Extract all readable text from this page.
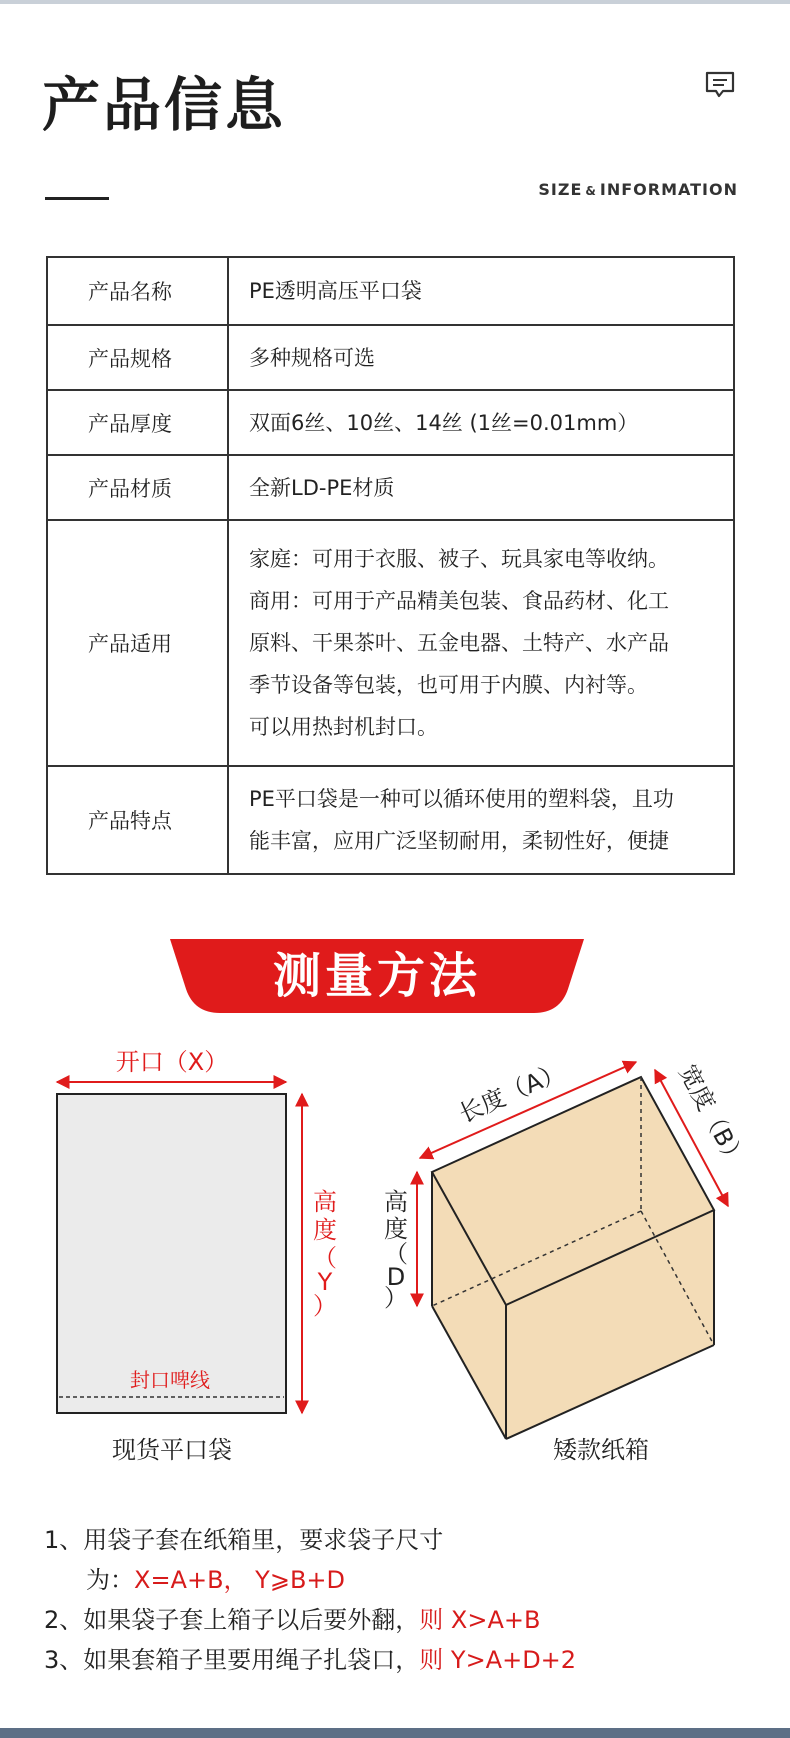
产品信息
SIZE & INFORMATION
产品名称	PE透明高压平口袋
产品规格	多种规格可选
产品厚度	双面6丝、10丝、14丝 (1丝=0.01mm）
产品材质	全新LD-PE材质
产品适用	家庭：可用于衣服、被子、玩具家电等收纳。
商用：可用于产品精美包装、食品药材、化工
原料、干果茶叶、五金电器、土特产、水产品
季节设备等包装，也可用于内膜、内衬等。
可以用热封机封口。

产品特点	PE平口袋是一种可以循环使用的塑料袋，且功
能丰富，应用广泛坚韧耐用，柔韧性好，便捷
测量方法
开口（X）
高
度
（
Y
）
封口啤线
现货平口袋
长度（A）	宽度（B）
高
度
（
D
）
矮款纸箱
1、用袋子套在纸箱里，要求袋子尺寸
为：X=A+B， Y⩾B+D
2、如果袋子套上箱子以后要外翻，则 X>A+B
3、如果套箱子里要用绳子扎袋口，则 Y>A+D+2
